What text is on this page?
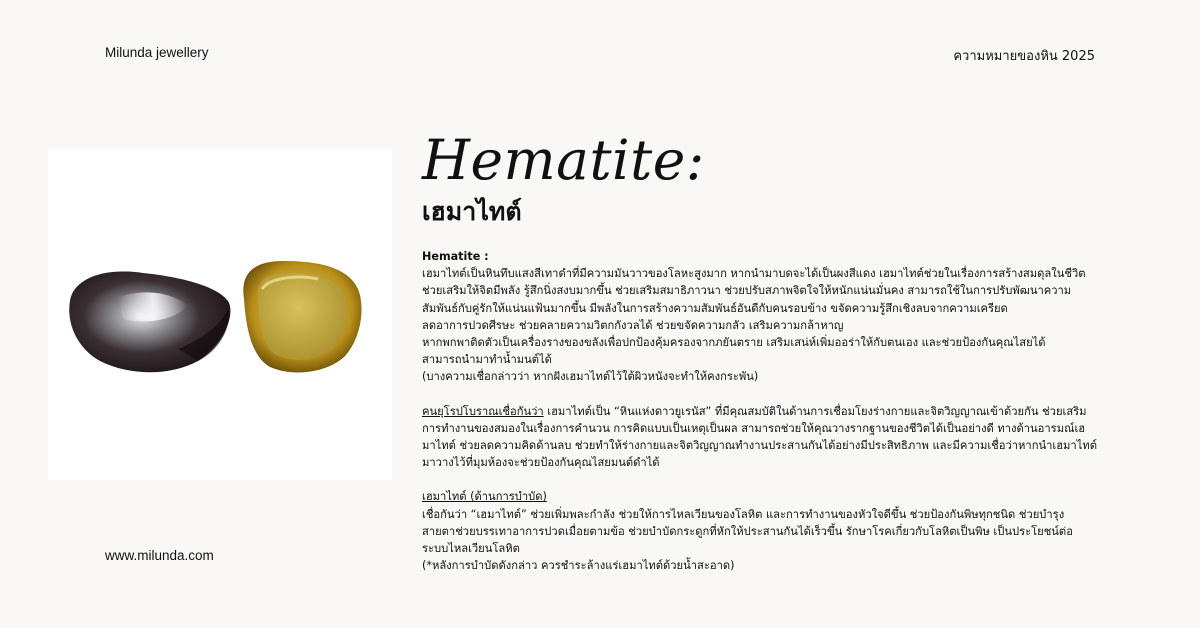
Milunda jewellery	ความหมายของหิน 2025
Hematite:
เฮมาไทต์

Hematite :

เฮมาไทต์เป็นหินทึบแสงสีเทาดำที่มีความมันวาวของโลหะสูงมาก หากนำมาบดจะได้เป็นผงสีแดง เฮมาไทต์ช่วยในเรื่องการสร้างสมดุลในชีวิต

ช่วยเสริมให้จิตมีพลัง รู้สึกนิ่งสงบมากขึ้น ช่วยเสริมสมาธิภาวนา ช่วยปรับสภาพจิตใจให้หนักแน่นมั่นคง สามารถใช้ในการปรับพัฒนาความ

สัมพันธ์กับคู่รักให้แน่นแฟ้นมากขึ้น มีพลังในการสร้างความสัมพันธ์อันดีกับคนรอบข้าง ขจัดความรู้สึกเชิงลบจากความเครียด

ลดอาการปวดศีรษะ ช่วยคลายความวิตกกังวลได้ ช่วยขจัดความกลัว เสริมความกล้าหาญ

หากพกพาติดตัวเป็นเครื่องรางของขลังเพื่อปกป้องคุ้มครองจากภยันตราย เสริมเสน่ห์เพิ่มออร่าให้กับตนเอง และช่วยป้องกันคุณไสยได้

สามารถนำมาทำน้ำมนต์ได้

(บางความเชื่อกล่าวว่า หากฝังเฮมาไทต์ไว้ใต้ผิวหนังจะทำให้คงกระพัน)

คนยุโรปโบราณเชื่อกันว่า เฮมาไทต์เป็น “หินแห่งดาวยูเรนัส” ที่มีคุณสมบัติในด้านการเชื่อมโยงร่างกายและจิตวิญญาณเข้าด้วยกัน ช่วยเสริม

การทำงานของสมองในเรื่องการคำนวน การคิดแบบเป็นเหตุเป็นผล สามารถช่วยให้คุณวางรากฐานของชีวิตได้เป็นอย่างดี ทางด้านอารมณ์เฮ

มาไทต์ ช่วยลดความคิดด้านลบ ช่วยทำให้ร่างกายและจิตวิญญาณทำงานประสานกันได้อย่างมีประสิทธิภาพ และมีความเชื่อว่าหากนำเฮมาไทต์

มาวางไว้ที่มุมห้องจะช่วยป้องกันคุณไสยมนต์ดำได้

เฮมาไทต์ (ด้านการบำบัด)

เชื่อกันว่า “เฮมาไทต์” ช่วยเพิ่มพละกำลัง ช่วยให้การไหลเวียนของโลหิต และการทำงานของหัวใจดีขึ้น ช่วยป้องกันพิษทุกชนิด ช่วยบำรุง

สายตาช่วยบรรเทาอาการปวดเมื่อยตามข้อ ช่วยบำบัดกระดูกที่หักให้ประสานกันได้เร็วขึ้น รักษาโรคเกี่ยวกับโลหิตเป็นพิษ เป็นประโยชน์ต่อ

ระบบไหลเวียนโลหิต

(*หลังการบำบัดดังกล่าว ควรชำระล้างแร่เฮมาไทต์ด้วยน้ำสะอาด)

www.milunda.com
